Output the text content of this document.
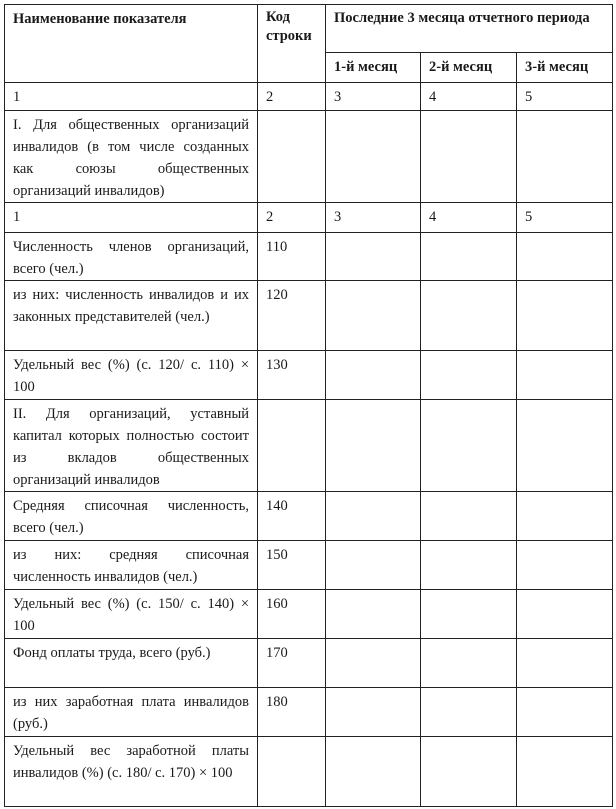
Наименование показателя	Код строки	Последние 3 месяца отчетного периода		
		1-й месяц	2-й месяц	3-й месяц
1	2	3	4	5
I. Для общественных организаций инвалидов (в том числе созданных как союзы общественных организаций инвалидов)				
1	2	3	4	5
Численность членов организаций, всего (чел.)	110			
из них: численность инвалидов и их законных представителей (чел.)	120			
Удельный вес (%) (с. 120/ с. 110) × 100	130			
II. Для организаций, уставный капитал которых полностью состоит из вкладов общественных организаций инвалидов				
Средняя списочная численность, всего (чел.)	140			
из них: средняя списочная численность инвалидов (чел.)	150			
Удельный вес (%) (с. 150/ с. 140) × 100	160			
Фонд оплаты труда, всего (руб.)	170			
из них заработная плата инвалидов (руб.)	180			
Удельный вес заработной платы инвалидов (%) (с. 180/ с. 170) × 100				
